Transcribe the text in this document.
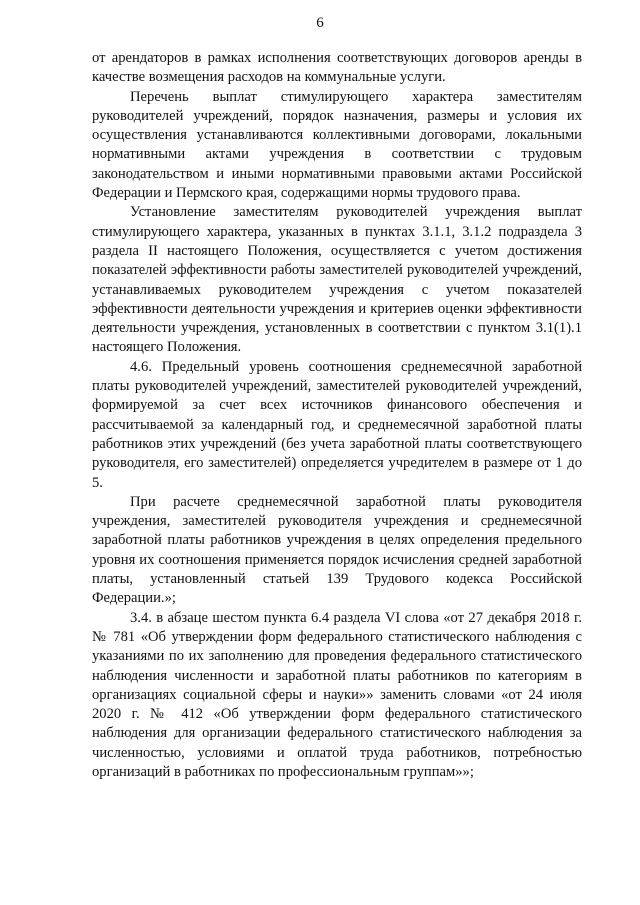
6

от арендаторов в рамках исполнения соответствующих договоров аренды в качестве возмещения расходов на коммунальные услуги.

Перечень выплат стимулирующего характера заместителям руководителей учреждений, порядок назначения, размеры и условия их осуществления устанавливаются коллективными договорами, локальными нормативными актами учреждения в соответствии с трудовым законодательством и иными нормативными правовыми актами Российской Федерации и Пермского края, содержащими нормы трудового права.

Установление заместителям руководителей учреждения выплат стимулирующего характера, указанных в пунктах 3.1.1, 3.1.2 подраздела 3 раздела II настоящего Положения, осуществляется с учетом достижения показателей эффективности работы заместителей руководителей учреждений, устанавливаемых руководителем учреждения с учетом показателей эффективности деятельности учреждения и критериев оценки эффективности деятельности учреждения, установленных в соответствии с пунктом 3.1(1).1 настоящего Положения.

4.6. Предельный уровень соотношения среднемесячной заработной платы руководителей учреждений, заместителей руководителей учреждений, формируемой за счет всех источников финансового обеспечения и рассчитываемой за календарный год, и среднемесячной заработной платы работников этих учреждений (без учета заработной платы соответствующего руководителя, его заместителей) определяется учредителем в размере от 1 до 5.

При расчете среднемесячной заработной платы руководителя учреждения, заместителей руководителя учреждения и среднемесячной заработной платы работников учреждения в целях определения предельного уровня их соотношения применяется порядок исчисления средней заработной платы, установленный статьей 139 Трудового кодекса Российской Федерации.»;

3.4. в абзаце шестом пункта 6.4 раздела VI слова «от 27 декабря 2018 г. № 781 «Об утверждении форм федерального статистического наблюдения с указаниями по их заполнению для проведения федерального статистического наблюдения численности и заработной платы работников по категориям в организациях социальной сферы и науки»» заменить словами «от 24 июля 2020 г. № 412 «Об утверждении форм федерального статистического наблюдения для организации федерального статистического наблюдения за численностью, условиями и оплатой труда работников, потребностью организаций в работниках по профессиональным группам»»;
